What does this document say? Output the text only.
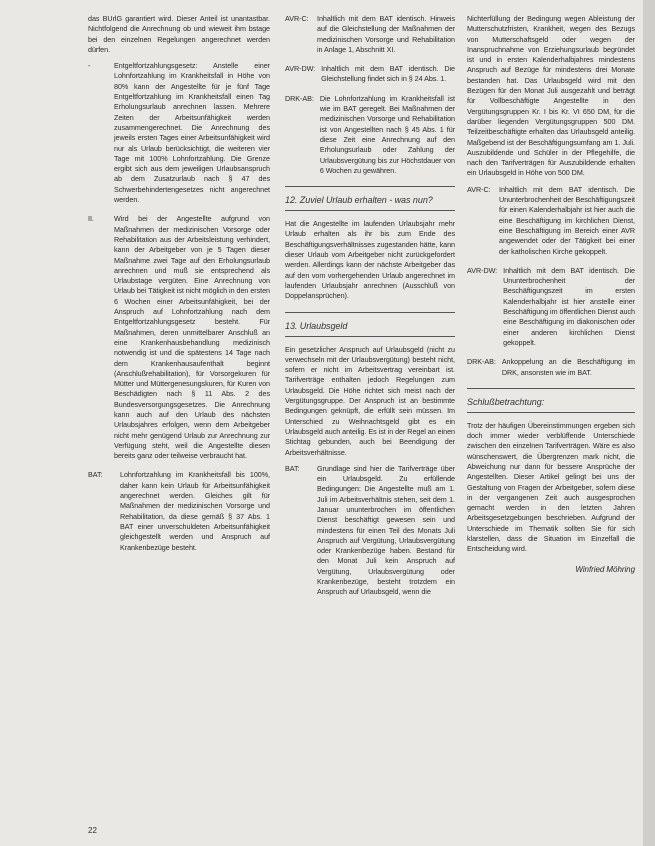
das BUrlG garantiert wird. Dieser Anteil ist unantastbar. Nichtfolgend die Anrechnung ob und wieweit ihm bstage bei den einzelnen Regelungen angerechnet werden dürfen.

-	Entgeltfortzahlungsgesetz: Anstelle einer Lohnfortzahlung im Krankheitsfall in Höhe von 80% kann der Angestellte für je fünf Tage Entgeltfortzahlung im Krankheitsfall einen Tag Erholungsurlaub anrechnen lassen. Mehrere Zeiten der Arbeitsunfähigkeit werden zusammengerechnet. Die Anrechnung des jeweils ersten Tages einer Arbeitsunfähigkeit wird nur als Urlaub berücksichtigt, die weiteren vier Tage mit 100% Lohnfortzahlung. Die Grenze ergibt sich aus dem jeweiligen Urlaubsanspruch ab dem Zusatzurlaub nach § 47 des Schwerbehindertengesetzes nicht angerechnet werden.
II.	Wird bei der Angestellte aufgrund von Maßnahmen der medizinischen Vorsorge oder Rehabilitation aus der Arbeitsleistung verhindert, kann der Arbeitgeber von je 5 Tagen dieser Maßnahme zwei Tage auf den Erholungsurlaub anrechnen und muß sie entsprechend als Urlaubstage vergüten. Eine Anrechnung von Urlaub bei Tätigkeit ist nicht möglich in den ersten 6 Wochen einer Arbeitsunfähigkeit, bei der Anspruch auf Lohnfortzahlung nach dem Entgeltfortzahlungsgesetz besteht. Für Maßnahmen, deren unmittelbarer Anschluß an eine Krankenhausbehandlung medizinisch notwendig ist und die spätestens 14 Tage nach dem Krankenhausaufenthalt beginnt (Anschlußrehabilitation), für Vorsorgekuren für Mütter und Müttergenesungskuren, für Kuren von Beschädigten nach § 11 Abs. 2 des Bundesversorgungsgesetzes. Die Anrechnung kann auch auf den Urlaub des nächsten Urlaubsjahres erfolgen, wenn dem Arbeitgeber nicht mehr genügend Urlaub zur Anrechnung zur Verfügung steht, weil die Angestellte diesen bereits ganz oder teilweise verbraucht hat.
BAT:	Lohnfortzahlung im Krankheitsfall bis 100%, daher kann kein Urlaub für Arbeitsunfähigkeit angerechnet werden. Gleiches gilt für Maßnahmen der medizinischen Vorsorge und Rehabilitation, da diese gemäß § 37 Abs. 1 BAT einer unverschuldeten Arbeitsunfähigkeit gleichgestellt werden und Anspruch auf Krankenbezüge besteht.
AVR-C:	Inhaltlich mit dem BAT identisch. Hinweis auf die Gleichstellung der Maßnahmen der medizinischen Vorsorge und Rehabilitation in Anlage 1, Abschnitt XI.
AVR-DW: Inhaltlich mit dem BAT identisch. Die Gleichstellung findet sich in § 24 Abs. 1.
DRK-AB: Die Lohnfortzahlung im Krankheitsfall ist wie im BAT geregelt. Bei Maßnahmen der medizinischen Vorsorge und Rehabilitation ist von Angestellten nach § 45 Abs. 1 für diese Zeit eine Anrechnung auf den Erholungsurlaub oder Zahlung der Urlaubsvergütung bis zur Höchstdauer von 6 Wochen zu gewähren.
12. Zuviel Urlaub erhalten - was nun?

Hat die Angestellte im laufenden Urlaubsjahr mehr Urlaub erhalten als ihr bis zum Ende des Beschäftigungsverhältnisses zugestanden hätte, kann dieser Urlaub vom Arbeitgeber nicht zurückgefordert werden. Allerdings kann der nächste Arbeitgeber das auf den vom vorhergehenden Urlaub angerechnet im laufenden Urlaubsjahr anrechnen (Ausschluß von Doppelansprüchen).

13. Urlaubsgeld

Ein gesetzlicher Anspruch auf Urlaubsgeld (nicht zu verwechseln mit der Urlaubsvergütung) besteht nicht, sofern er nicht im Arbeitsvertrag vereinbart ist. Tarifverträge enthalten jedoch Regelungen zum Urlaubsgeld. Die Höhe richtet sich meist nach der Vergütungsgruppe. Der Anspruch ist an bestimmte Bedingungen geknüpft, die erfüllt sein müssen. Im Unterschied zu Weihnachtsgeld gibt es ein Urlaubsgeld auch anteilig. Es ist in der Regel an einen Stichtag gebunden, auch bei Beendigung der Arbeitsverhältnisse.

BAT:	Grundlage sind hier die Tarifverträge über ein Urlaubsgeld. Zu erfüllende Bedingungen: Die Angestellte muß am 1. Juli im Arbeitsverhältnis stehen, seit dem 1. Januar ununterbrochen im öffentlichen Dienst beschäftigt gewesen sein und mindestens für einen Teil des Monats Juli Anspruch auf Vergütung, Urlaubsvergütung oder Krankenbezüge haben. Bestand für den Monat Juli kein Anspruch auf Vergütung, Urlaubsvergütung oder Krankenbezüge, besteht trotzdem ein Anspruch auf Urlaubsgeld, wenn die

Nichterfüllung der Bedingung wegen Ableistung der Mutterschutzfristen, Krankheit, wegen des Bezugs von Mutterschaftsgeld oder wegen der Inanspruchnahme von Erziehungsurlaub begründet ist und in ersten Kalenderhalbjahres mindestens Anspruch auf Bezüge für mindestens drei Monate bestanden hat. Das Urlaubsgeld wird mit den Bezügen für den Monat Juli ausgezahlt und beträgt für Vollbeschäftigte Angestellte in den Vergütungsgruppen Kr. I bis Kr. VI 650 DM, für die darüber liegenden Vergütungsgruppen 500 DM. Teilzeitbeschäftigte erhalten das Urlaubsgeld anteilig. Maßgebend ist der Beschäftigungsumfang am 1. Juli. Auszubildende und Schüler in der Pflegehilfe, die nach den Tarifverträgen für Auszubildende erhalten ein Urlaubsgeld in Höhe von 500 DM.

AVR-C:	Inhaltlich mit dem BAT identisch. Die Ununterbrochenheit der Beschäftigungszeit für einen Kalenderhalbjahr ist hier auch die eine Beschäftigung im kirchlichen Dienst, eine Beschäftigung im Bereich einer AVR angewendet oder der Tätigkeit bei einer der katholischen Kirche gekoppelt.
AVR-DW: Inhaltlich mit dem BAT identisch. Die Ununterbrochenheit der Beschäftigungszeit im ersten Kalenderhalbjahr ist hier anstelle einer Beschäftigung im öffentlichen Dienst auch eine Beschäftigung im diakonischen oder einer anderen kirchlichen Dienst gekoppelt.
DRK-AB: Ankoppelung an die Beschäftigung im DRK, ansonsten wie im BAT.
Schlußbetrachtung:

Trotz der häufigen Übereinstimmungen ergeben sich doch immer wieder verblüffende Unterschiede zwischen den einzelnen Tarifverträgen. Wäre es also wünschenswert, die Übergrenzen mark nicht, die Abweichung nur dann für bessere Ansprüche der Angestellten. Dieser Artikel gelingt bei uns der Gestaltung von Fragen der Arbeitgeber, sofern diese in der vergangenen Zeit auch ausgesprochen gemacht werden in den letzten Jahren Arbeitsgesetzgebungen beschrieben. Aufgrund der Unterschiede im Thematik sollten Sie für sich klarstellen, dass die Situation im Einzelfall die Entscheidung wird.

Winfried Möhring
22
